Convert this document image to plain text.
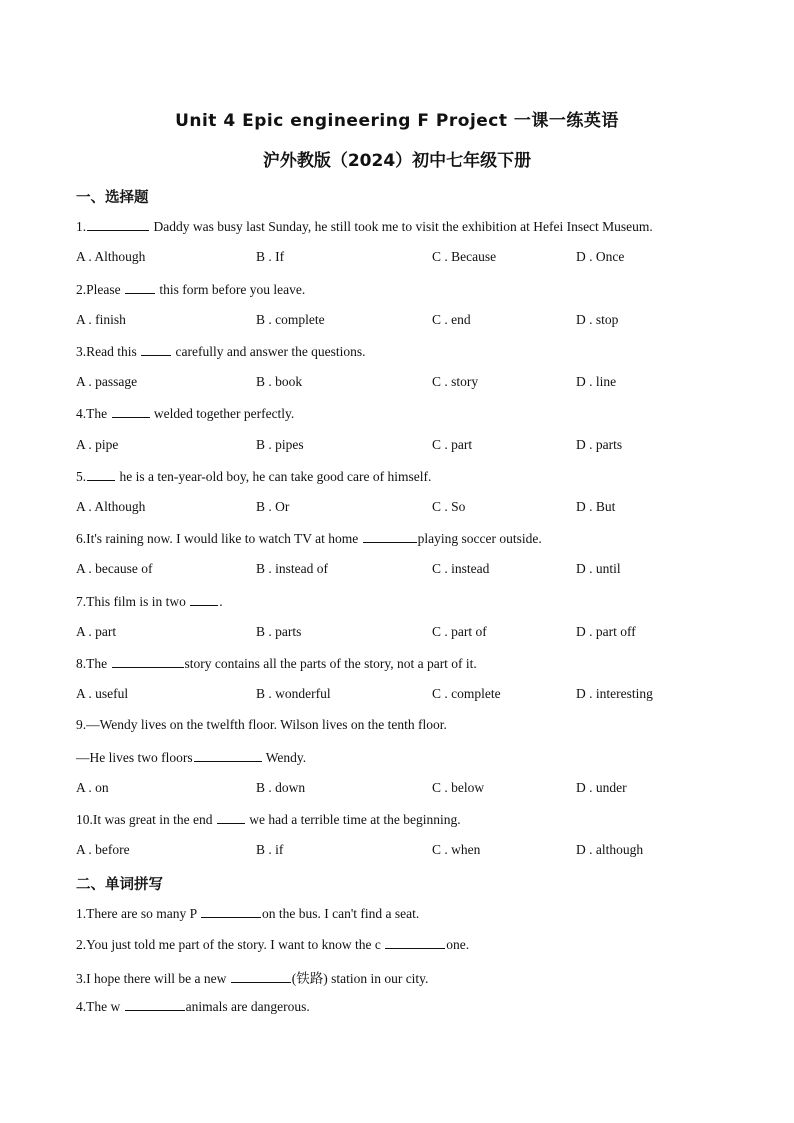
Unit 4 Epic engineering F Project 一课一练英语
沪外教版（2024）初中七年级下册
一、选择题
1.	Daddy was busy last Sunday, he still took me to visit the exhibition at Hefei Insect Museum.
A . Although	B . If	C . Because	D . Once
2.Please  this form before you leave.
A . finish	B . complete	C . end	D . stop
3.Read this  carefully and answer the questions.
A . passage	B . book	C . story	D . line
4.The	welded together perfectly.
A . pipe	B . pipes	C . part	D . parts
5. he is a ten-year-old boy, he can take good care of himself.
A . Although	B . Or	C . So	D . But
6.It's raining now. I would like to watch TV at home	playing soccer outside.
A . because of	B . instead of	C . instead	D . until
7.This film is in two .
A . part	B . parts	C . part of	D . part off
8.The	story contains all the parts of the story, not a part of it.
A . useful	B . wonderful	C . complete	D . interesting
9.—Wendy lives on the twelfth floor. Wilson lives on the tenth floor.
—He lives two floors	Wendy.
A . on	B . down	C . below	D . under
10.It was great in the end  we had a terrible time at the beginning.
A . before	B . if	C . when	D . although
二、单词拼写
1.There are so many P	on the bus. I can't find a seat.
2.You just told me part of the story. I want to know the c	one.
3.I hope there will be a new	(铁路) station in our city.
4.The w	animals are dangerous.
